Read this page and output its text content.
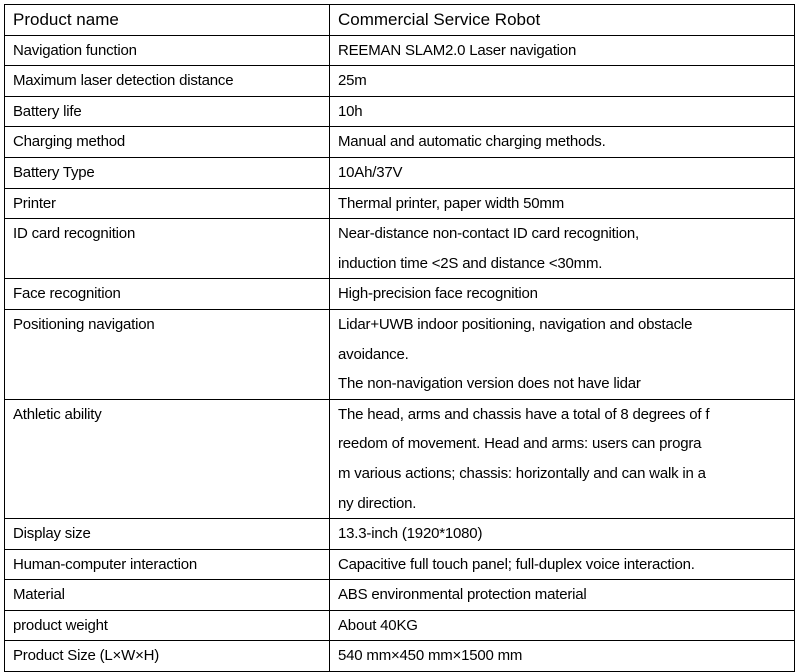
Product name	Commercial Service Robot

Navigation function	REEMAN SLAM2.0 Laser navigation

Maximum laser detection distance	25m

Battery life	10h

Charging method	Manual and automatic charging methods.

Battery Type	10Ah/37V

Printer	Thermal printer, paper width 50mm

ID card recognition	Near-distance non-contact ID card recognition,
induction time <2S and distance <30mm.

Face recognition	High-precision face recognition

Positioning navigation	Lidar+UWB indoor positioning, navigation and obstacle
avoidance.
The non-navigation version does not have lidar

Athletic ability	The head, arms and chassis have a total of 8 degrees of f
reedom of movement. Head and arms: users can progra
m various actions; chassis: horizontally and can walk in a
ny direction.

Display size	13.3-inch (1920*1080)

Human-computer interaction	Capacitive full touch panel; full-duplex voice interaction.

Material	ABS environmental protection material

product weight	About 40KG

Product Size (L×W×H)	540 mm×450 mm×1500 mm
